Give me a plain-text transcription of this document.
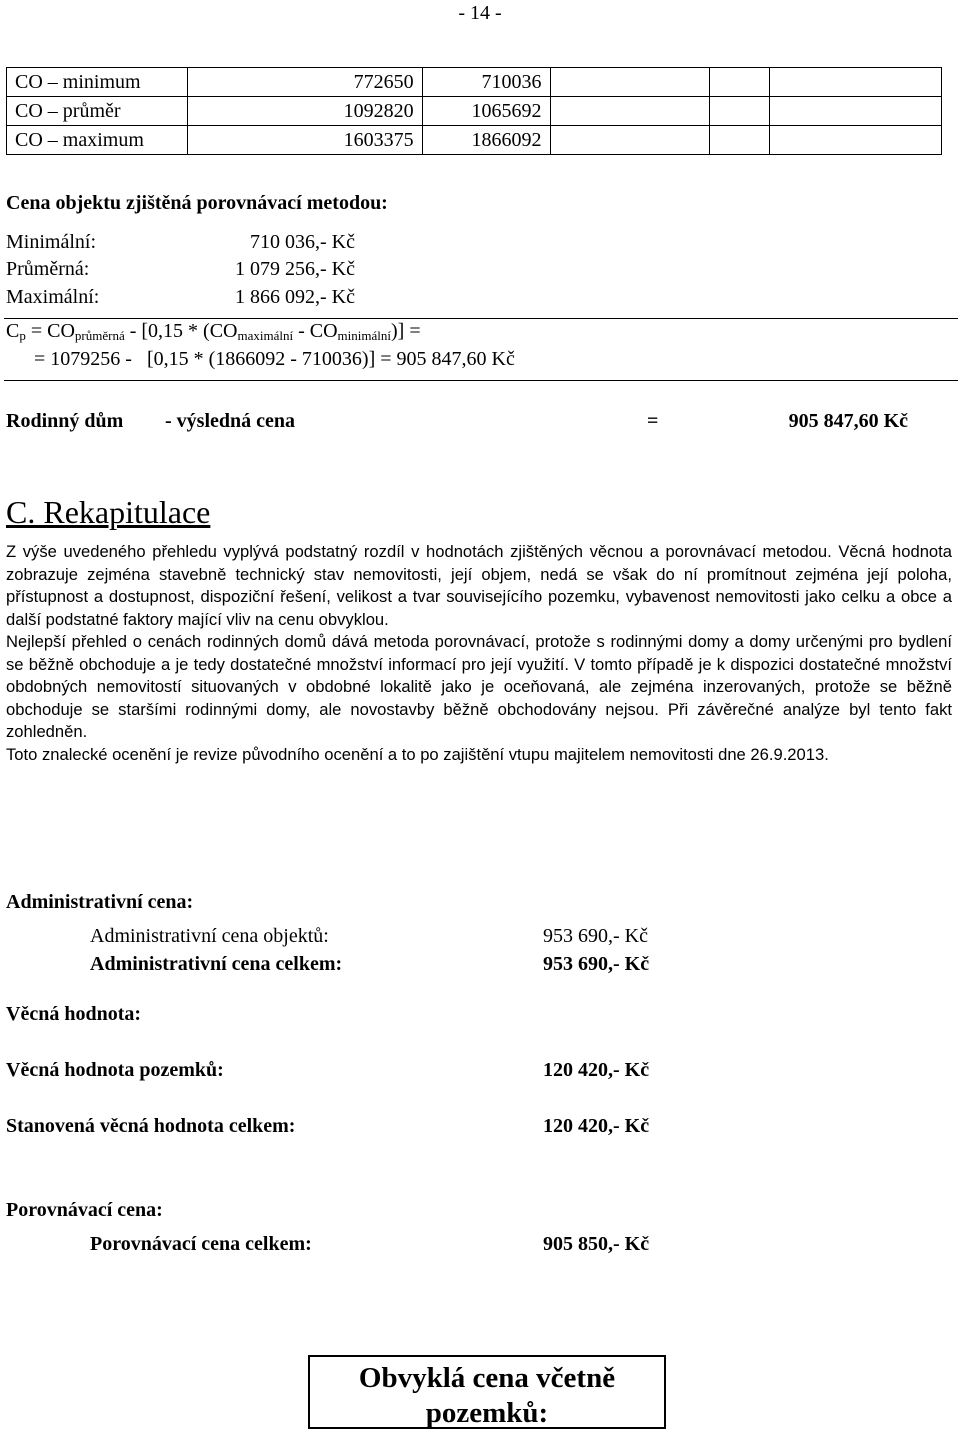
- 14 -
CO – minimum	772650	710036			
CO – průměr	1092820	1065692			
CO – maximum	1603375	1866092			
Cena objektu zjištěná porovnávací metodou:
Minimální:	710 036,- Kč
Průměrná:	1 079 256,- Kč
Maximální:	1 866 092,- Kč
$C_p = CO_{průměrná} - [0,15 * (CO_{maximální} - CO_{minimální})]$ =
= 1079256 -   [0,15 * (1866092 - 710036)] = 905 847,60 Kč
Rodinný dům - výsledná cena	=	905 847,60 Kč
C. Rekapitulace

Z výše uvedeného přehledu vyplývá podstatný rozdíl v hodnotách zjištěných věcnou a porovnávací metodou. Věcná hodnota zobrazuje zejména stavebně technický stav nemovitosti, její objem, nedá se však do ní promítnout zejména její poloha, přístupnost a dostupnost, dispoziční řešení, velikost a tvar souvisejícího pozemku, vybavenost nemovitosti jako celku a obce a další podstatné faktory mající vliv na cenu obvyklou.

Nejlepší přehled o cenách rodinných domů dává metoda porovnávací, protože s rodinnými domy a domy určenými pro bydlení se běžně obchoduje a je tedy dostatečné množství informací pro její využití. V tomto případě je k dispozici dostatečné množství obdobných nemovitostí situovaných v obdobné lokalitě jako je oceňovaná, ale zejména inzerovaných, protože se běžně obchoduje se staršími rodinnými domy, ale novostavby běžně obchodovány nejsou. Při závěrečné analýze byl tento fakt zohledněn.

Toto znalecké ocenění je revize původního ocenění a to po zajištění vtupu majitelem nemovitosti dne 26.9.2013.

Administrativní cena:
Administrativní cena objektů:	953 690,- Kč
Administrativní cena celkem:	953 690,- Kč
Věcná hodnota:
Věcná hodnota pozemků:	120 420,- Kč
Stanovená věcná hodnota celkem:	120 420,- Kč
Porovnávací cena:
Porovnávací cena celkem:	905 850,- Kč
Obvyklá cena včetně
pozemků:
